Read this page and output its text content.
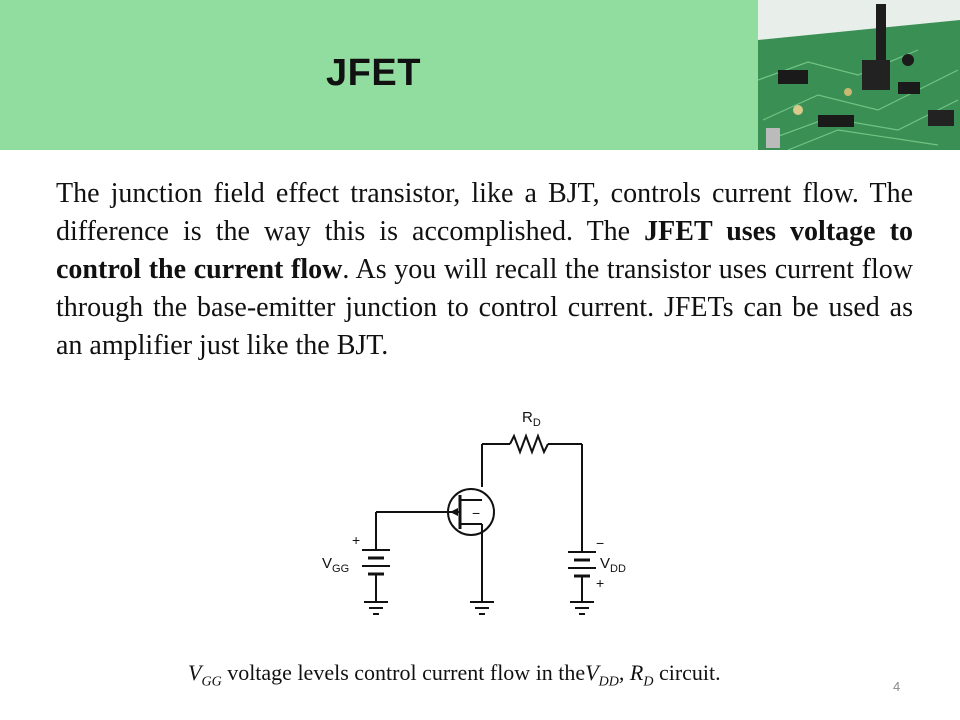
JFET

The junction field effect transistor, like a BJT, controls current flow. The difference is the way this is accomplished. The JFET uses voltage to control the current flow. As you will recall the transistor uses current flow through the base-emitter junction to control current. JFETs can be used as an amplifier just like the BJT.

$R_D$
$V_{GG}$	$V_{DD}$
+	−
+
−
$V_{GG}$ voltage levels control current flow in theV$_{DD}$, $R_D$ circuit.
4
